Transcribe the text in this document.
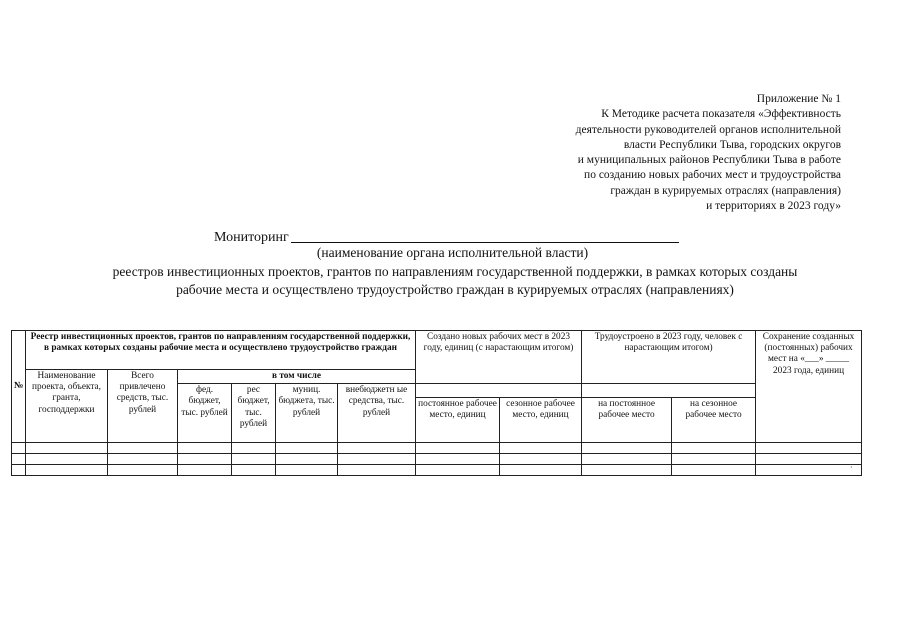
Приложение № 1
К Методике расчета показателя «Эффективность
деятельности руководителей органов исполнительной
власти Республики Тыва, городских округов
и муниципальных районов Республики Тыва в работе
по созданию новых рабочих мест и трудоустройства
граждан в курируемых отраслях (направления)
и территориях в 2023 году»
Мониторинг
(наименование органа исполнительной власти)
реестров инвестиционных проектов, грантов по направлениям государственной поддержки, в рамках которых созданы
рабочие места и осуществлено трудоустройство граждан в курируемых отраслях (направлениях)
№	Реестр инвестиционных проектов, грантов по направлениям государственной поддержки, в рамках которых созданы рабочие места и осуществлено трудоустройство граждан						Создано новых рабочих мест в 2023 году, единиц (с нарастающим итогом)		Трудоустроено в 2023 году, человек с нарастающим итогом)		Сохранение созданных (постоянных) рабочих мест на «___» _____ 2023 года, единиц
	Наименование проекта, объекта, гранта, господдержки	Всего привлечено средств, тыс. рублей	в том числе								
			фед. бюджет, тыс. рублей	рес бюджет, тыс. рублей	муниц. бюджета, тыс. рублей	внебюджетн ые средства, тыс. рублей					
							постоянное рабочее место, единиц	сезонное рабочее место, единиц	на постоянное рабочее место	на сезонное рабочее место	

·
